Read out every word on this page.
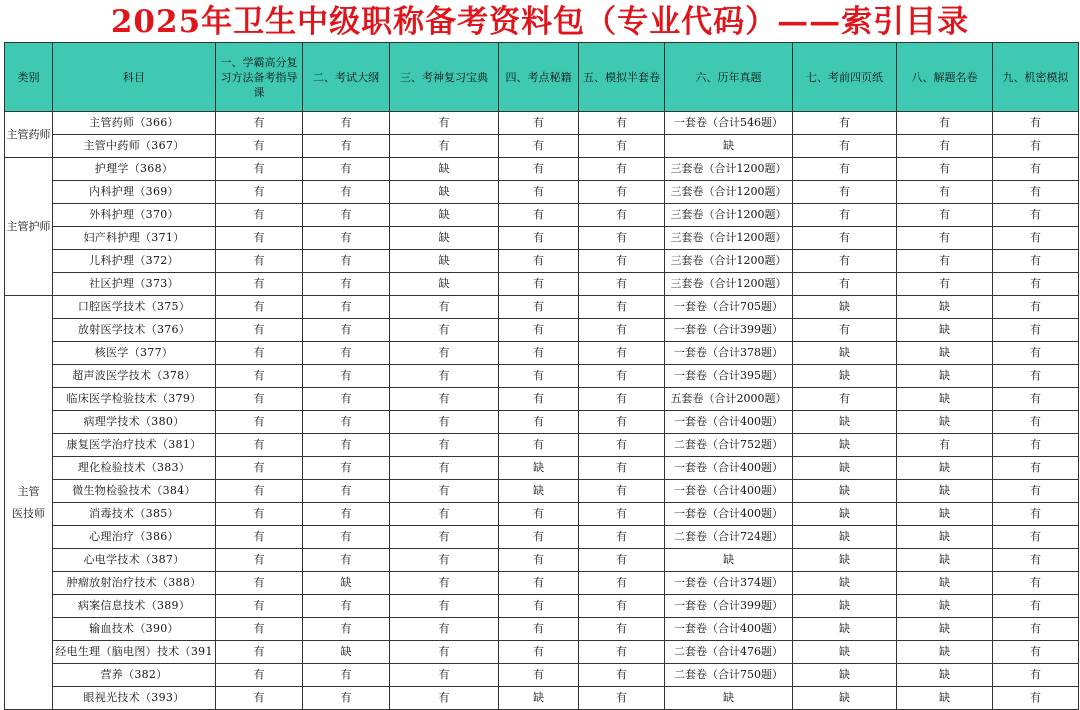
2025年卫生中级职称备考资料包（专业代码）——索引目录
类别	科目	一、学霸高分复习方法备考指导课	二、考试大纲	三、考神复习宝典	四、考点秘籍	五、模拟半套卷	六、历年真题	七、考前四页纸	八、解题名卷	九、机密模拟
主管药师	主管药师（366）	有	有	有	有	有	一套卷（合计546题）	有	有	有
	主管中药师（367）	有	有	有	有	有	缺	有	有	有
主管护师	护理学（368）	有	有	缺	有	有	三套卷（合计1200题）	有	有	有
	内科护理（369）	有	有	缺	有	有	三套卷（合计1200题）	有	有	有
	外科护理（370）	有	有	缺	有	有	三套卷（合计1200题）	有	有	有
	妇产科护理（371）	有	有	缺	有	有	三套卷（合计1200题）	有	有	有
	儿科护理（372）	有	有	缺	有	有	三套卷（合计1200题）	有	有	有
	社区护理（373）	有	有	缺	有	有	三套卷（合计1200题）	有	有	有
主管
医技师	口腔医学技术（375）	有	有	有	有	有	一套卷（合计705题）	缺	缺	有
	放射医学技术（376）	有	有	有	有	有	一套卷（合计399题）	有	缺	有
	核医学（377）	有	有	有	有	有	一套卷（合计378题）	缺	缺	有
	超声波医学技术（378）	有	有	有	有	有	一套卷（合计395题）	缺	缺	有
	临床医学检验技术（379）	有	有	有	有	有	五套卷（合计2000题）	有	缺	有
	病理学技术（380）	有	有	有	有	有	一套卷（合计400题）	缺	缺	有
	康复医学治疗技术（381）	有	有	有	有	有	二套卷（合计752题）	缺	有	有
	理化检验技术（383）	有	有	有	缺	有	一套卷（合计400题）	缺	缺	有
	微生物检验技术（384）	有	有	有	缺	有	一套卷（合计400题）	缺	缺	有
	消毒技术（385）	有	有	有	有	有	一套卷（合计400题）	缺	缺	有
	心理治疗（386）	有	有	有	有	有	二套卷（合计724题）	缺	缺	有
	心电学技术（387）	有	有	有	有	有	缺	缺	缺	有
	肿瘤放射治疗技术（388）	有	缺	有	有	有	一套卷（合计374题）	缺	缺	有
	病案信息技术（389）	有	有	有	有	有	一套卷（合计399题）	缺	缺	有
	输血技术（390）	有	有	有	有	有	一套卷（合计400题）	缺	缺	有
	经电生理（脑电图）技术（391	有	缺	有	有	有	二套卷（合计476题）	缺	缺	有
	营养（382）	有	有	有	有	有	二套卷（合计750题）	缺	缺	有
	眼视光技术（393）	有	有	有	缺	有	缺	缺	缺	有
